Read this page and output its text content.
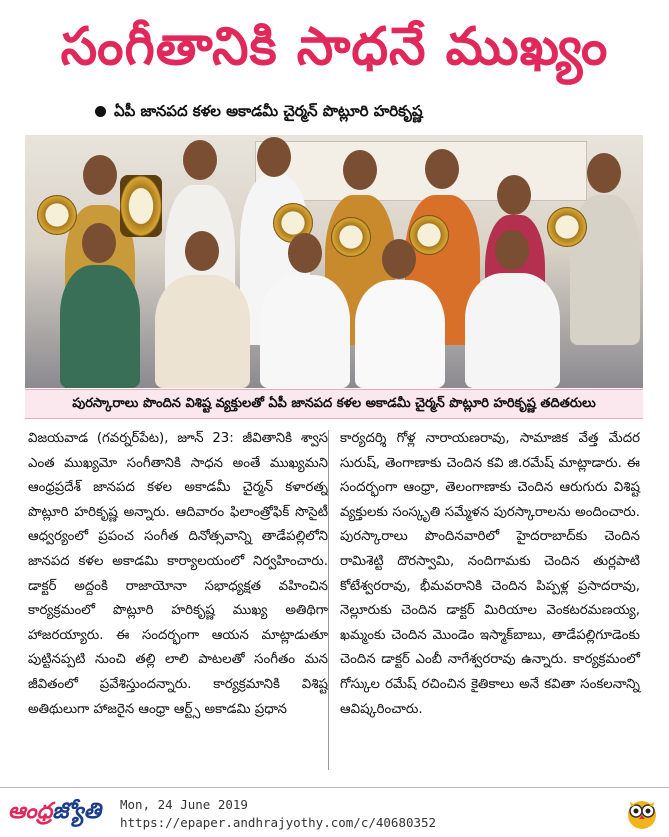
సంగీతానికి సాధనే ముఖ్యం
ఏపీ జానపద కళల అకాడమీ చైర్మన్ పొట్లూరి హరికృష్ణ
పురస్కారాలు పొందిన విశిష్ట వ్యక్తులతో ఏపీ జానపద కళల అకాడమీ చైర్మన్ పొట్లూరి హరికృష్ణ తదితరులు

విజయవాడ (గవర్నర్‌పేట), జూన్ 23: జీవితానికి శ్వాస ఎంత ముఖ్యమో సంగీతానికి సాధన అంతే ముఖ్యమని ఆంధ్రప్రదేశ్ జానపద కళల అకాడమీ చైర్మన్ కళారత్న పొట్లూరి హరికృష్ణ అన్నారు. ఆదివారం ఫిలాంత్రోఫిక్ సొసైటీ ఆధ్వర్యంలో ప్రపంచ సంగీత దినోత్సవాన్ని తాడేపల్లిలోని జానపద కళల అకాడమి కార్యాలయంలో నిర్వహించారు. డాక్టర్ అద్దంకి రాజాయోనా సభాధ్యక్షత వహించిన కార్యక్రమంలో పొట్లూరి హరికృష్ణ ముఖ్య అతిథిగా హాజరయ్యారు. ఈ సందర్భంగా ఆయన మాట్లాడుతూ పుట్టినప్పటి నుంచి తల్లి లాలి పాటలతో సంగీతం మన జీవితంలో ప్రవేశిస్తుందన్నారు. కార్యక్రమానికి విశిష్ట అతిథులుగా హాజరైన ఆంధ్రా ఆర్ట్స్ అకాడమి ప్రధాన

కార్యదర్శి గోళ్ల నారాయణరావు, సామాజిక వేత్త మేదర సురుష్, తెంగాణాకు చెందిన కవి జి.రమేష్ మాట్లాడారు. ఈ సందర్భంగా ఆంధ్రా, తెలంగాణాకు చెందిన ఆరుగురు విశిష్ట వ్యక్తులకు సంస్కృతి సమ్మేళన పురస్కారాలను అందించారు. పురస్కారాలు పొందినవారిలో హైదరాబాద్‌కు చెందిన రామిశెట్టి దొరస్వామి, నందిగామకు చెందిన తుర్లపాటి కోటేశ్వరరావు, భీమవరానికి చెందిన పిప్పళ్ల ప్రసాదరావు, నెల్లూరుకు చెందిన డాక్టర్ మిరియాల వెంకటరమణయ్య, ఖమ్మంకు చెందిన మొండెం ఇస్మాక్‌బాబు, తాడేపల్లిగూడెంకు చెందిన డాక్టర్ ఎంబీ నాగేశ్వరరావు ఉన్నారు. కార్యక్రమంలో గోస్కుల రమేష్ రచించిన కైతికాలు అనే కవితా సంకలనాన్ని ఆవిష్కరించారు.

ఆంధ్రజ్యోతి	Mon, 24 June 2019
https://epaper.andhrajyothy.com/c/40680352
